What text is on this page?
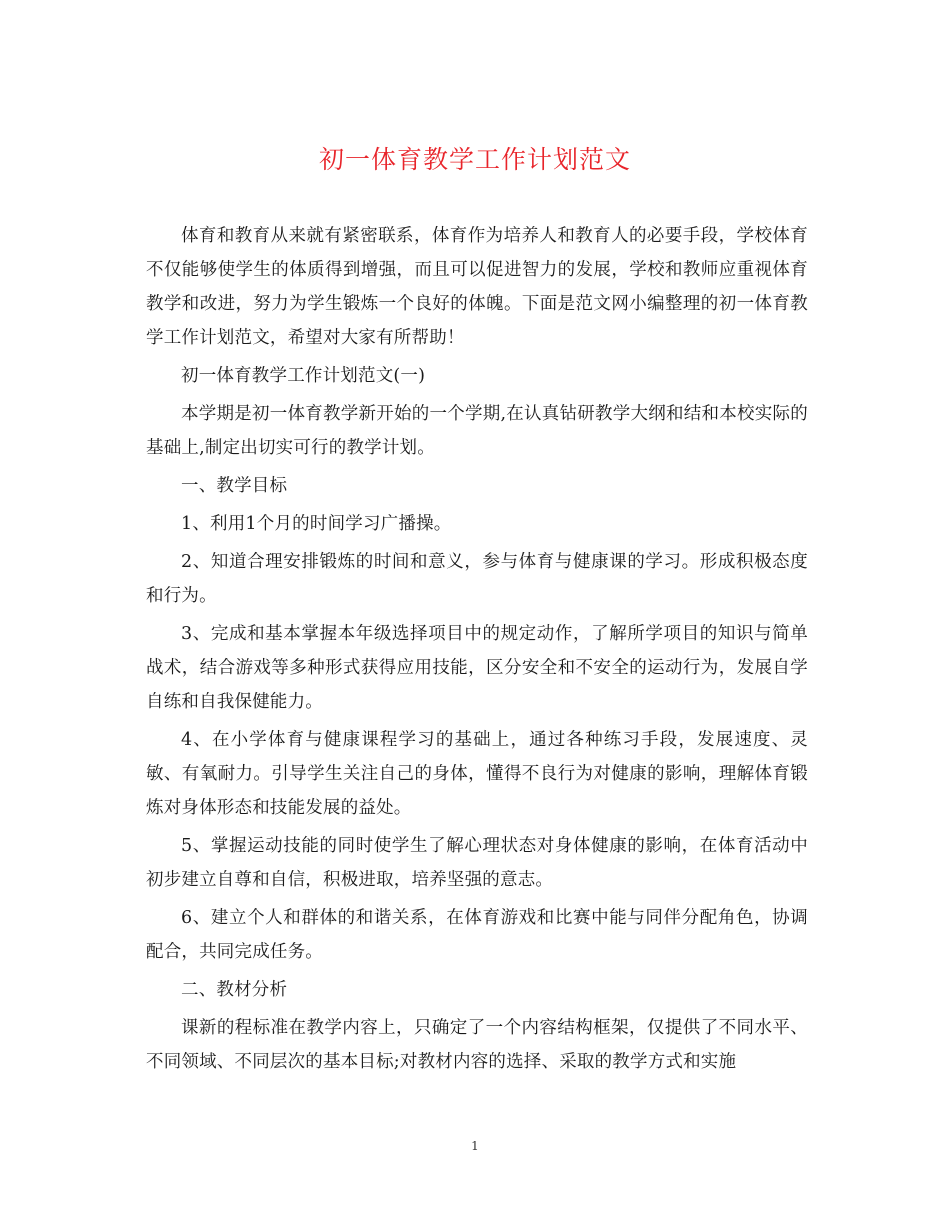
初一体育教学工作计划范文

体育和教育从来就有紧密联系，体育作为培养人和教育人的必要手段，学校体育不仅能够使学生的体质得到增强，而且可以促进智力的发展，学校和教师应重视体育教学和改进，努力为学生锻炼一个良好的体魄。下面是范文网小编整理的初一体育教学工作计划范文，希望对大家有所帮助！

初一体育教学工作计划范文(一)

本学期是初一体育教学新开始的一个学期,在认真钻研教学大纲和结和本校实际的基础上,制定出切实可行的教学计划。

一、教学目标

1、利用1个月的时间学习广播操。

2、知道合理安排锻炼的时间和意义，参与体育与健康课的学习。形成积极态度和行为。

3、完成和基本掌握本年级选择项目中的规定动作，了解所学项目的知识与简单战术，结合游戏等多种形式获得应用技能，区分安全和不安全的运动行为，发展自学自练和自我保健能力。

4、在小学体育与健康课程学习的基础上，通过各种练习手段，发展速度、灵敏、有氧耐力。引导学生关注自己的身体，懂得不良行为对健康的影响，理解体育锻炼对身体形态和技能发展的益处。

5、掌握运动技能的同时使学生了解心理状态对身体健康的影响，在体育活动中初步建立自尊和自信，积极进取，培养坚强的意志。

6、建立个人和群体的和谐关系，在体育游戏和比赛中能与同伴分配角色，协调配合，共同完成任务。

二、教材分析

课新的程标准在教学内容上，只确定了一个内容结构框架，仅提供了不同水平、不同领域、不同层次的基本目标;对教材内容的选择、采取的教学方式和实施

1
